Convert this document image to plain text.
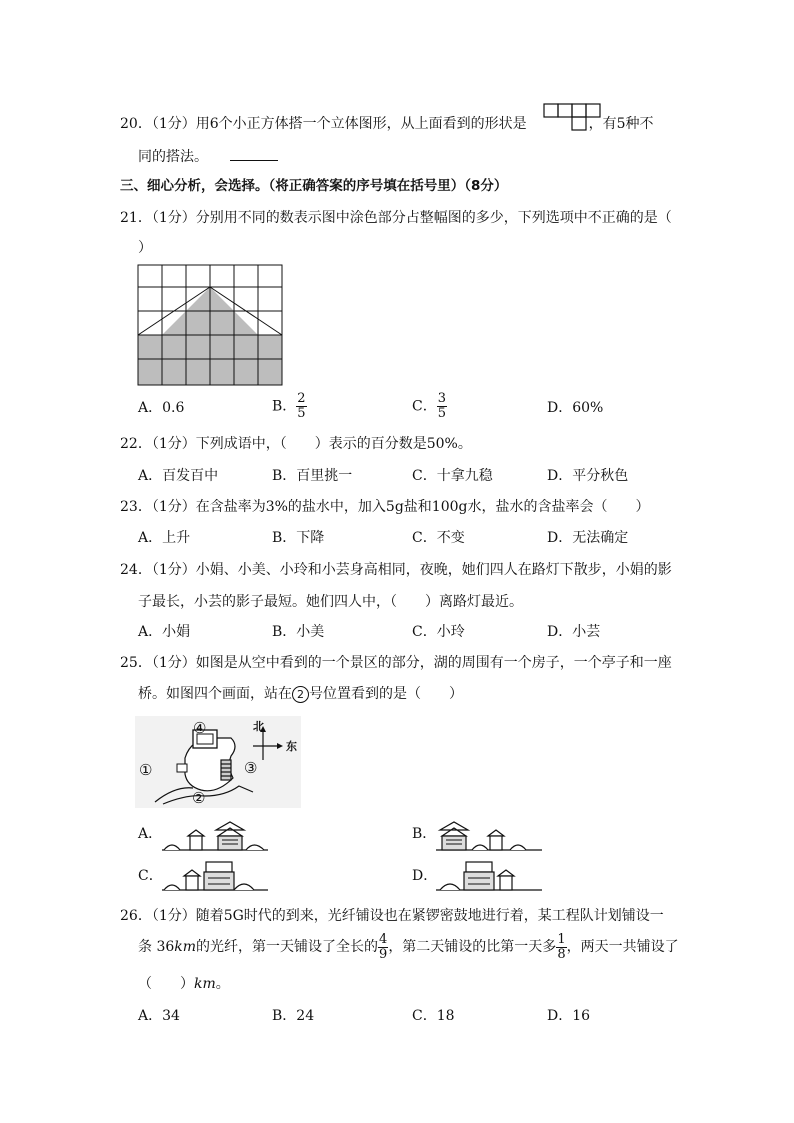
20．（1分）用6个小正方体搭一个立体图形，从上面看到的形状是	，有5种不
同的搭法。
三、细心分析，会选择。（将正确答案的序号填在括号里）（8分）
21．（1分）分别用不同的数表示图中涂色部分占整幅图的多少，下列选项中不正确的是（
）
A．0.6	B． $\frac{2}{5}$	C． $\frac{3}{5}$	D．60%
22．（1分）下列成语中，（　　）表示的百分数是50%。
A．百发百中	B．百里挑一	C．十拿九稳	D．平分秋色
23．（1分）在含盐率为3%的盐水中，加入5g盐和100g水，盐水的含盐率会（　　）
A．上升	B．下降	C．不变	D．无法确定
24．（1分）小娟、小美、小玲和小芸身高相同，夜晚，她们四人在路灯下散步，小娟的影
子最长，小芸的影子最短。她们四人中，（　　）离路灯最近。
A．小娟	B．小美	C．小玲	D．小芸
25．（1分）如图是从空中看到的一个景区的部分，湖的周围有一个房子，一个亭子和一座
桥。如图四个画面，站在 2 号位置看到的是（　　）
北
东
①
②
③
④
A．	B．
C．	D．
26．（1分）随着5G时代的到来，光纤铺设也在紧锣密鼓地进行着，某工程队计划铺设一
条 36km的光纤，第一天铺设了全长的 $\frac{4}{9}$ ，第二天铺设的比第一天多 $\frac{1}{8}$ ，两天一共铺设了
（　　）km。
A．34	B．24	C．18	D．16
